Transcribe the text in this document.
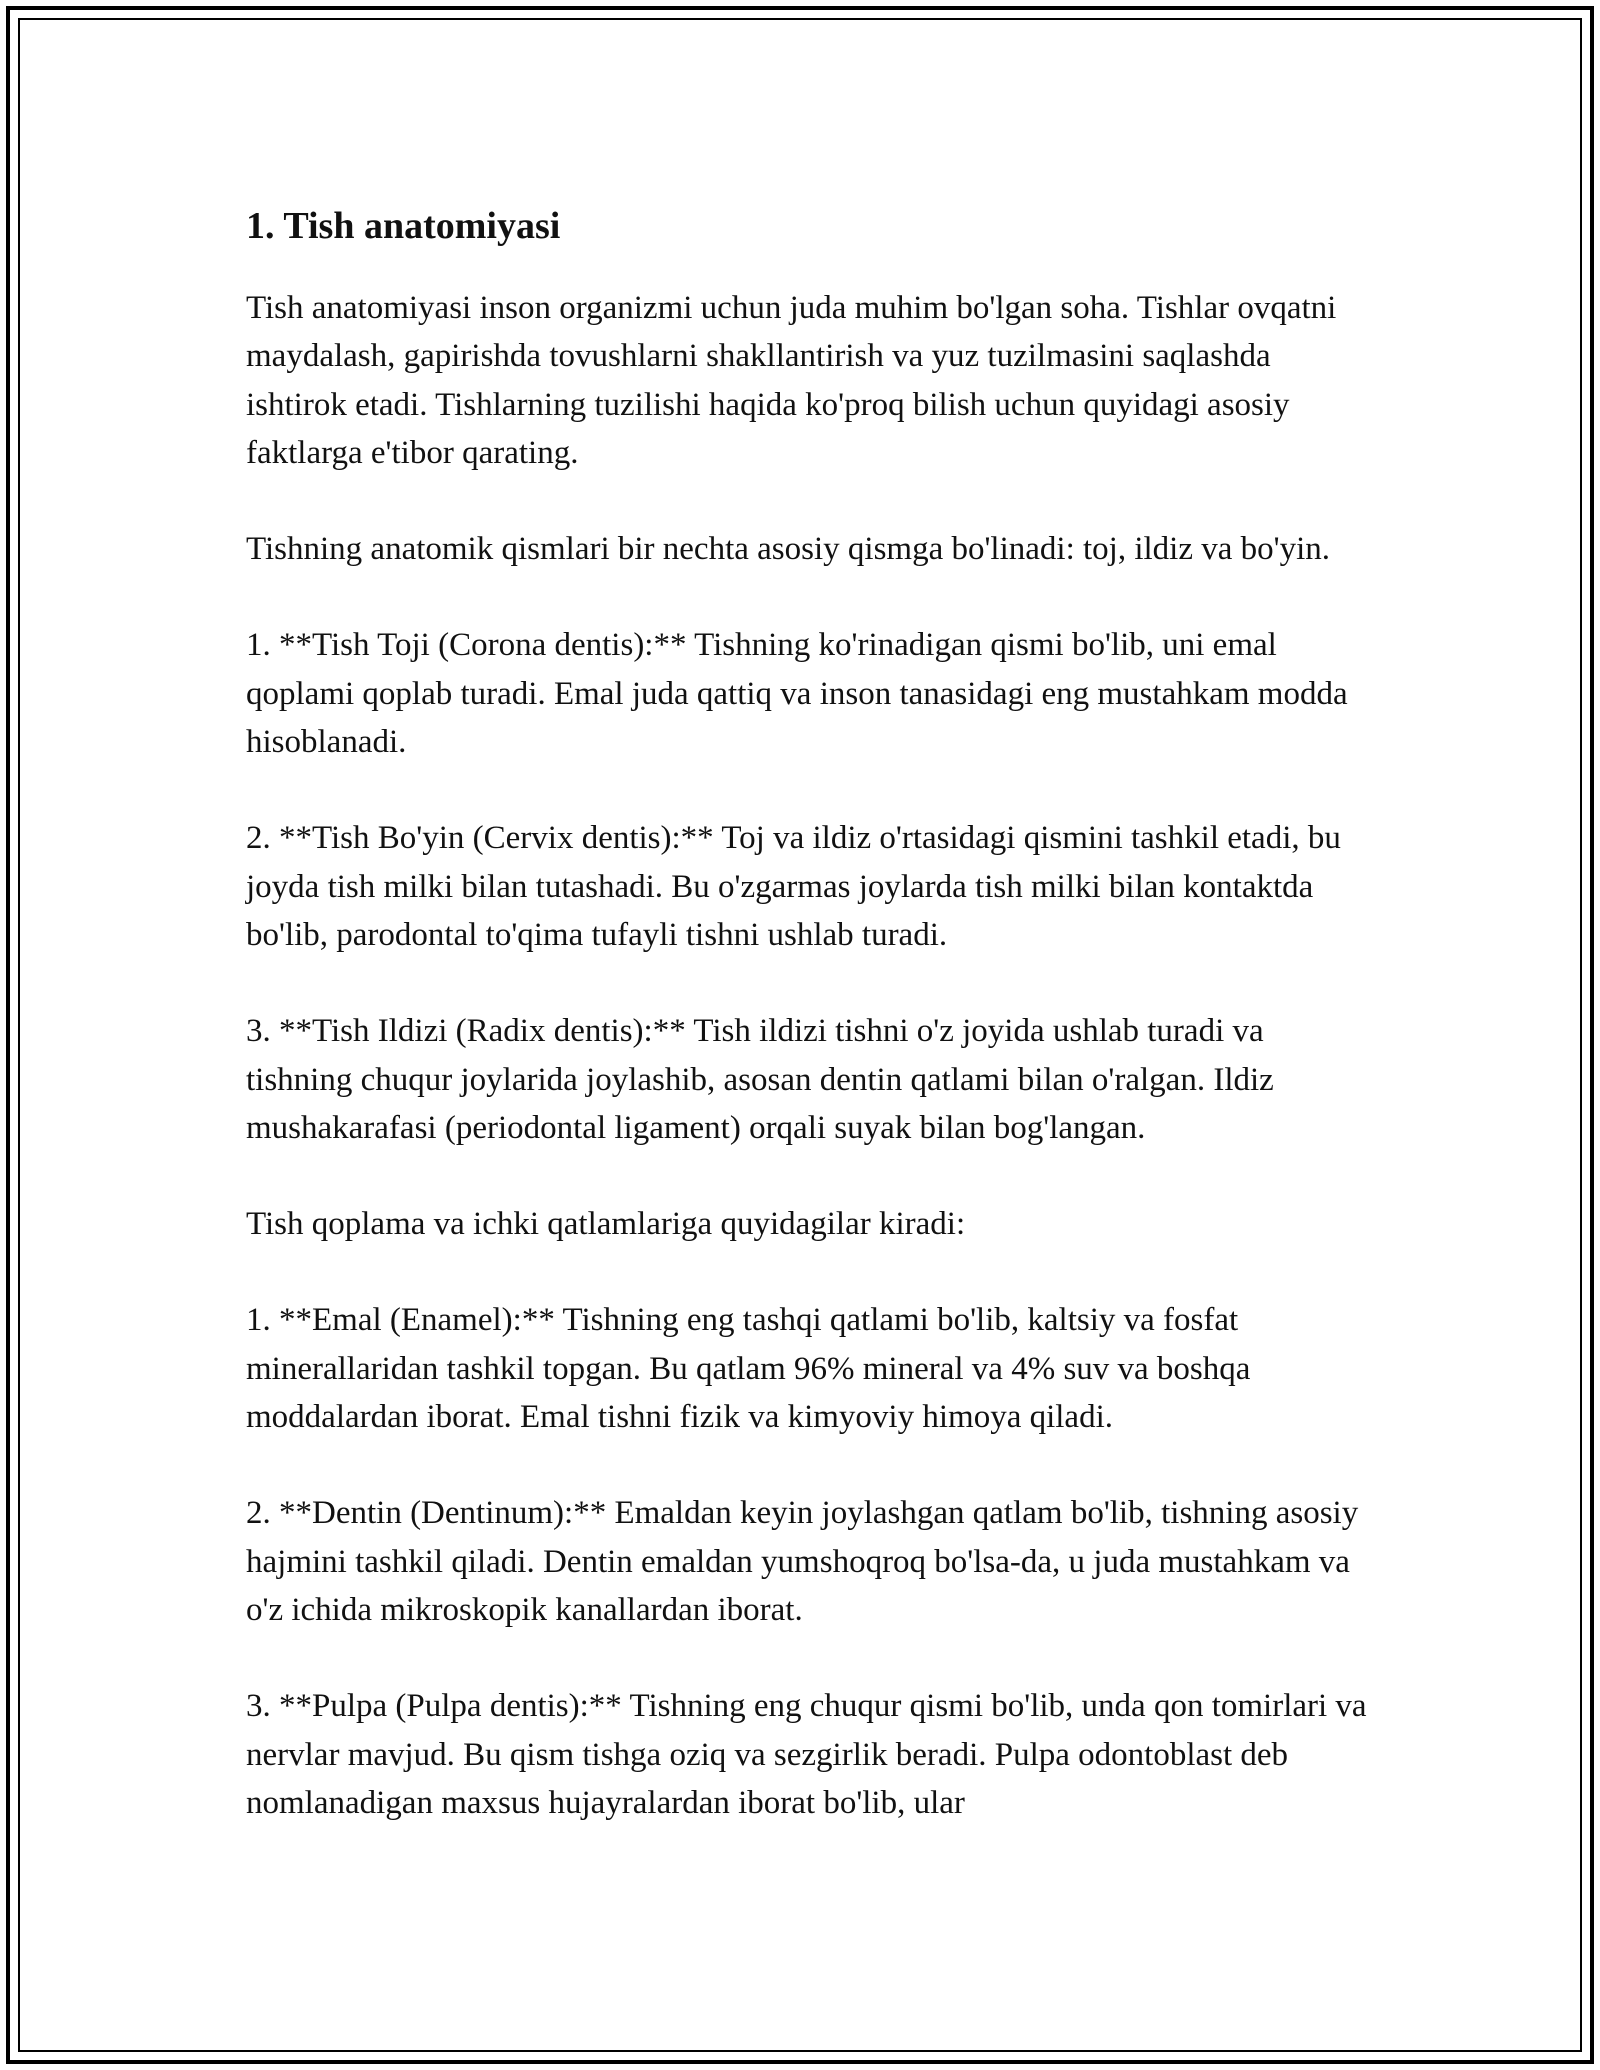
1. Tish anatomiyasi

Tish anatomiyasi inson organizmi uchun juda muhim bo'lgan soha. Tishlar ovqatni maydalash, gapirishda tovushlarni shakllantirish va yuz tuzilmasini saqlashda ishtirok etadi. Tishlarning tuzilishi haqida ko'proq bilish uchun quyidagi asosiy faktlarga e'tibor qarating.

Tishning anatomik qismlari bir nechta asosiy qismga bo'linadi: toj, ildiz va bo'yin.

1. **Tish Toji (Corona dentis):** Tishning ko'rinadigan qismi bo'lib, uni emal qoplami qoplab turadi. Emal juda qattiq va inson tanasidagi eng mustahkam modda hisoblanadi.

2. **Tish Bo'yin (Cervix dentis):** Toj va ildiz o'rtasidagi qismini tashkil etadi, bu joyda tish milki bilan tutashadi. Bu o'zgarmas joylarda tish milki bilan kontaktda bo'lib, parodontal to'qima tufayli tishni ushlab turadi.

3. **Tish Ildizi (Radix dentis):** Tish ildizi tishni o'z joyida ushlab turadi va tishning chuqur joylarida joylashib, asosan dentin qatlami bilan o'ralgan. Ildiz mushakarafasi (periodontal ligament) orqali suyak bilan bog'langan.

Tish qoplama va ichki qatlamlariga quyidagilar kiradi:

1. **Emal (Enamel):** Tishning eng tashqi qatlami bo'lib, kaltsiy va fosfat minerallaridan tashkil topgan. Bu qatlam 96% mineral va 4% suv va boshqa moddalardan iborat. Emal tishni fizik va kimyoviy himoya qiladi.

2. **Dentin (Dentinum):** Emaldan keyin joylashgan qatlam bo'lib, tishning asosiy hajmini tashkil qiladi. Dentin emaldan yumshoqroq bo'lsa-da, u juda mustahkam va o'z ichida mikroskopik kanallardan iborat.

3. **Pulpa (Pulpa dentis):** Tishning eng chuqur qismi bo'lib, unda qon tomirlari va nervlar mavjud. Bu qism tishga oziq va sezgirlik beradi. Pulpa odontoblast deb nomlanadigan maxsus hujayralardan iborat bo'lib, ular
